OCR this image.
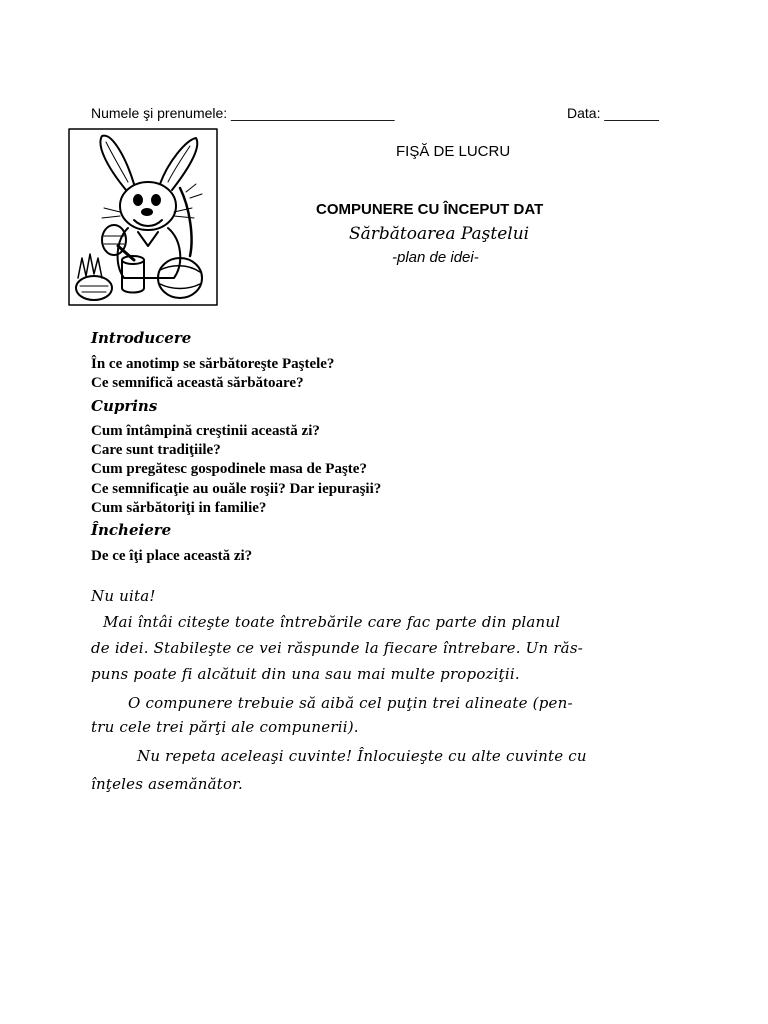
Numele şi prenumele: _____________________	Data: _______
FIŞĂ DE LUCRU
COMPUNERE CU ÎNCEPUT DAT
Sărbătoarea Paştelui
-plan de idei-
Introducere
În ce anotimp se sărbătoreşte Paştele?
Ce semnifică această sărbătoare?
Cuprins
Cum întâmpină creştinii această zi?
Care sunt tradiţiile?
Cum pregătesc gospodinele masa de Paşte?
Ce semnificaţie au ouăle roşii? Dar iepuraşii?
Cum sărbătoriţi in familie?
Încheiere
De ce îţi place această zi?
Nu uita!
Mai întâi citeşte toate întrebările care fac parte din planul
de idei. Stabileşte ce vei răspunde la fiecare întrebare. Un răs-
puns poate fi alcătuit din una sau mai multe propoziţii.
O compunere trebuie să aibă cel puţin trei alineate (pen-
tru cele trei părţi ale compunerii).
Nu repeta aceleaşi cuvinte! Înlocuieşte cu alte cuvinte cu
înţeles asemănător.
